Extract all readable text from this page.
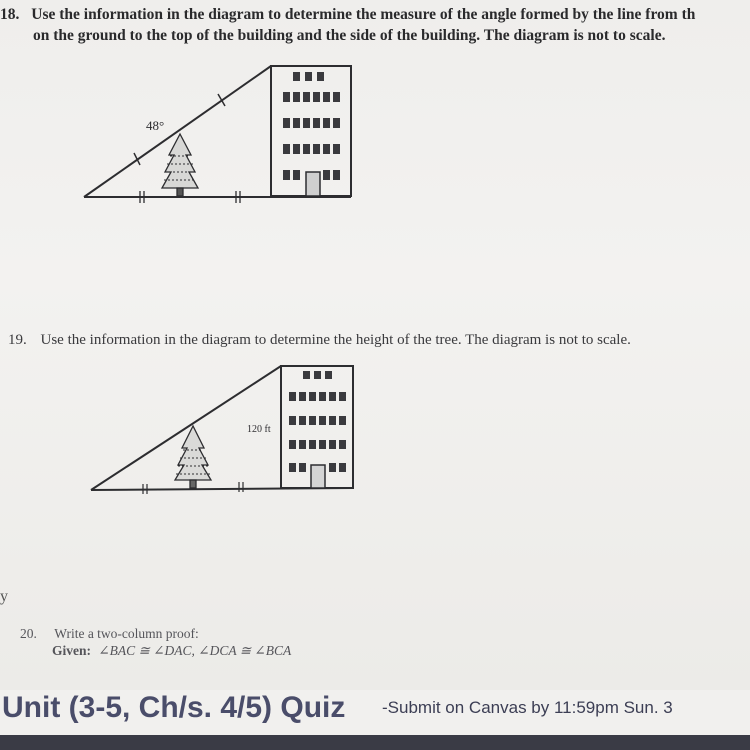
18. Use the information in the diagram to determine the measure of the angle formed by the line from th
on the ground to the top of the building and the side of the building. The diagram is not to scale.
48°
19. Use the information in the diagram to determine the height of the tree. The diagram is not to scale.
120 ft
20. Write a two-column proof:
Given: ∠BAC ≅ ∠DAC, ∠DCA ≅ ∠BCA
y
Unit (3-5, Ch/s. 4/5) Quiz -Submit on Canvas by 11:59pm Sun. 3
